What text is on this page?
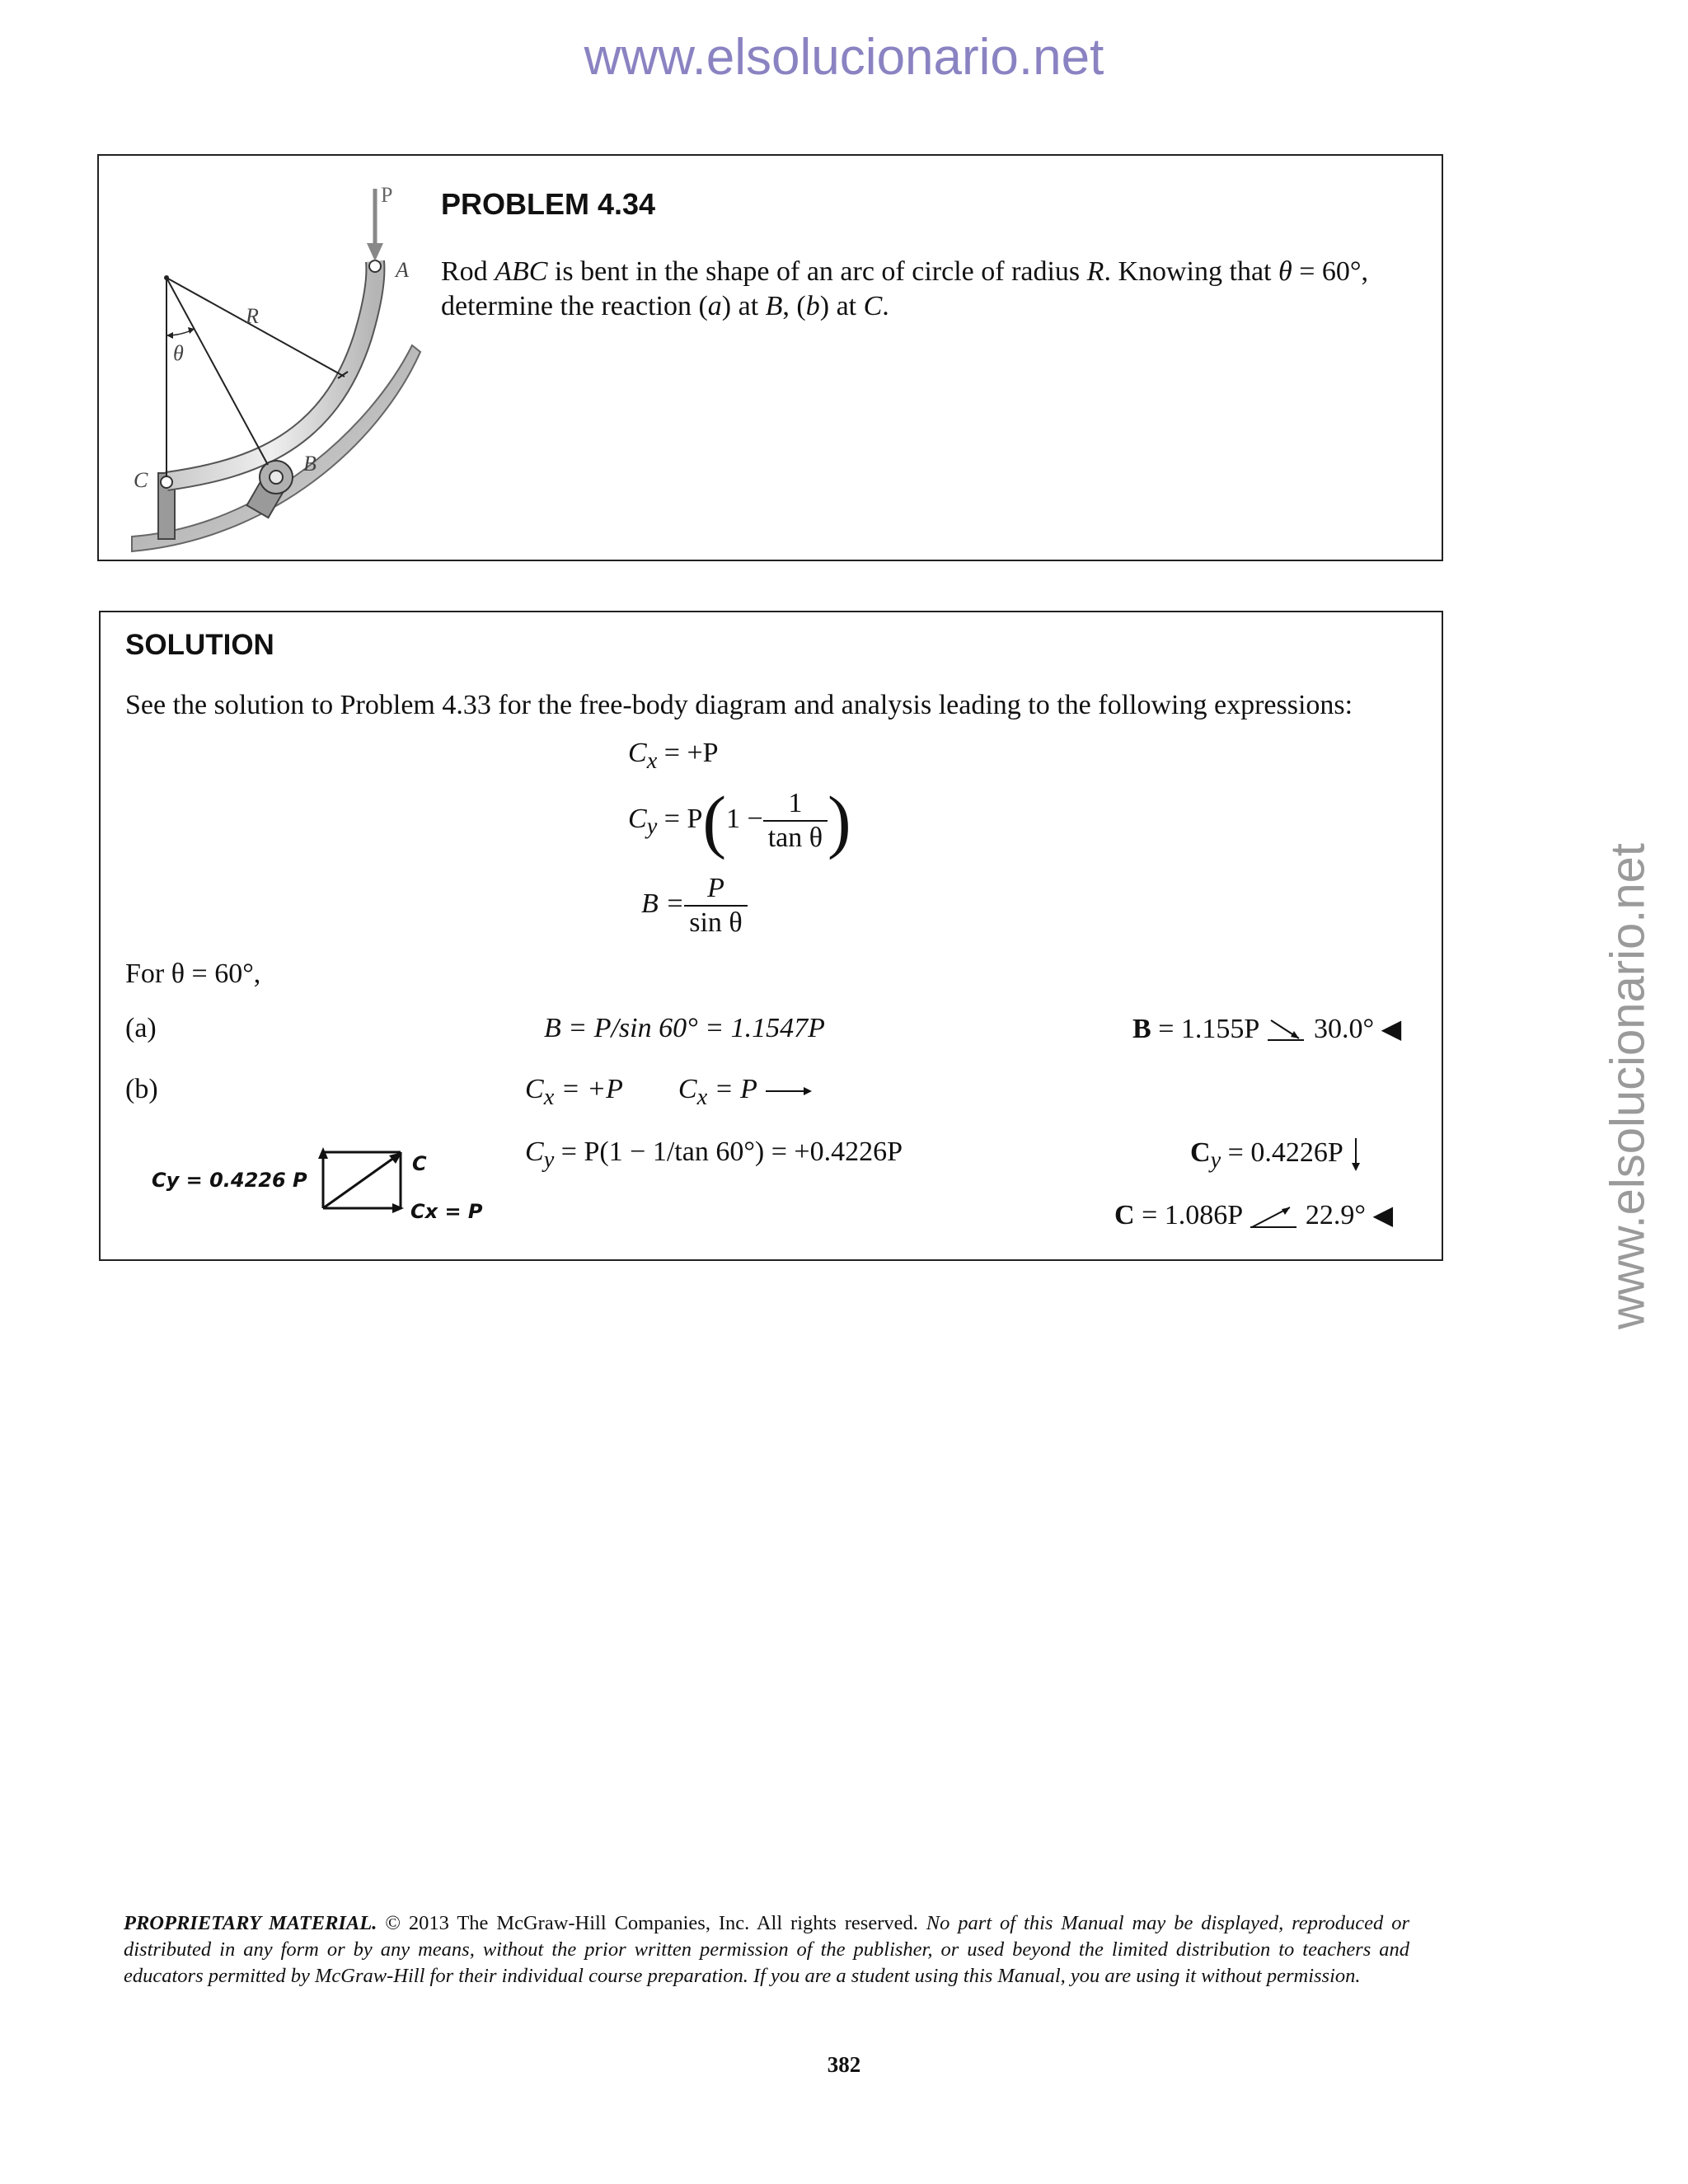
www.elsolucionario.net
www.elsolucionario.net
P
A
R
θ
C
B
PROBLEM 4.34
Rod ABC is bent in the shape of an arc of circle of radius R. Knowing that θ = 60°,
determine the reaction (a) at B, (b) at C.
SOLUTION
See the solution to Problem 4.33 for the free-body diagram and analysis leading to the following expressions:
$C_x = +P$
$C_y = P(1 - \frac{1}{\text{tan θ}}$ )
$B = \frac{P}{\text{sin θ}}$
For θ = 60°,
(a)	B = P/sin 60° = 1.1547P	B = 1.155P 30.0° ◀
(b)	$C_x = +P$ $C_x = P$
$C_y = P(1 - 1/\tan$ 60°) = +0.4226P	$C_y = 0.4226P$
C = 1.086P 22.9° ◀
Cy = 0.4226 P
C
Cx = P
PROPRIETARY MATERIAL. © 2013 The McGraw-Hill Companies, Inc. All rights reserved. No part of this Manual may be displayed, reproduced or distributed in any form or by any means, without the prior written permission of the publisher, or used beyond the limited distribution to teachers and educators permitted by McGraw-Hill for their individual course preparation. If you are a student using this Manual, you are using it without permission.
382
